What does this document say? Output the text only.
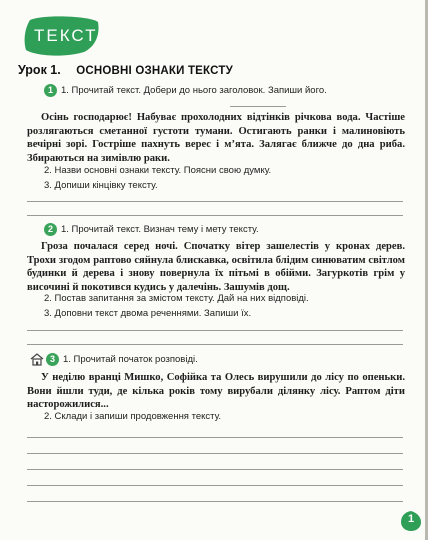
ТЕКСТ
Урок 1. ОСНОВНІ ОЗНАКИ ТЕКСТУ
1 1. Прочитай текст. Добери до нього заголовок. Запиши його.
Осінь господарює! Набуває прохолодних відтінків річкова вода. Частіше розлягаються сметанної густоти тумани. Остигають ранки і малиновіють вечірні зорі. Гостріше пахнуть верес і м’ята. Залягає ближче до дна риба. Збираються на зимівлю раки.
2. Назви основні ознаки тексту. Поясни свою думку.
3. Допиши кінцівку тексту.
2 1. Прочитай текст. Визнач тему і мету тексту.
Гроза почалася серед ночі. Спочатку вітер зашелестів у кронах дерев. Трохи згодом раптово сяйнула блискавка, освітила блідим синюватим світлом будинки й дерева і знову повернула їх пітьмі в обійми. Загуркотів грім у височині й покотився кудись у далечінь. Зашумів дощ.
2. Постав запитання за змістом тексту. Дай на них відповіді.
3. Доповни текст двома реченнями. Запиши їх.
3 1. Прочитай початок розповіді.
У неділю вранці Мишко, Софійка та Олесь вирушили до лісу по опеньки. Вони йшли туди, де кілька років тому вирубали ділянку лісу. Раптом діти насторожилися...
2. Склади і запиши продовження тексту.
1
